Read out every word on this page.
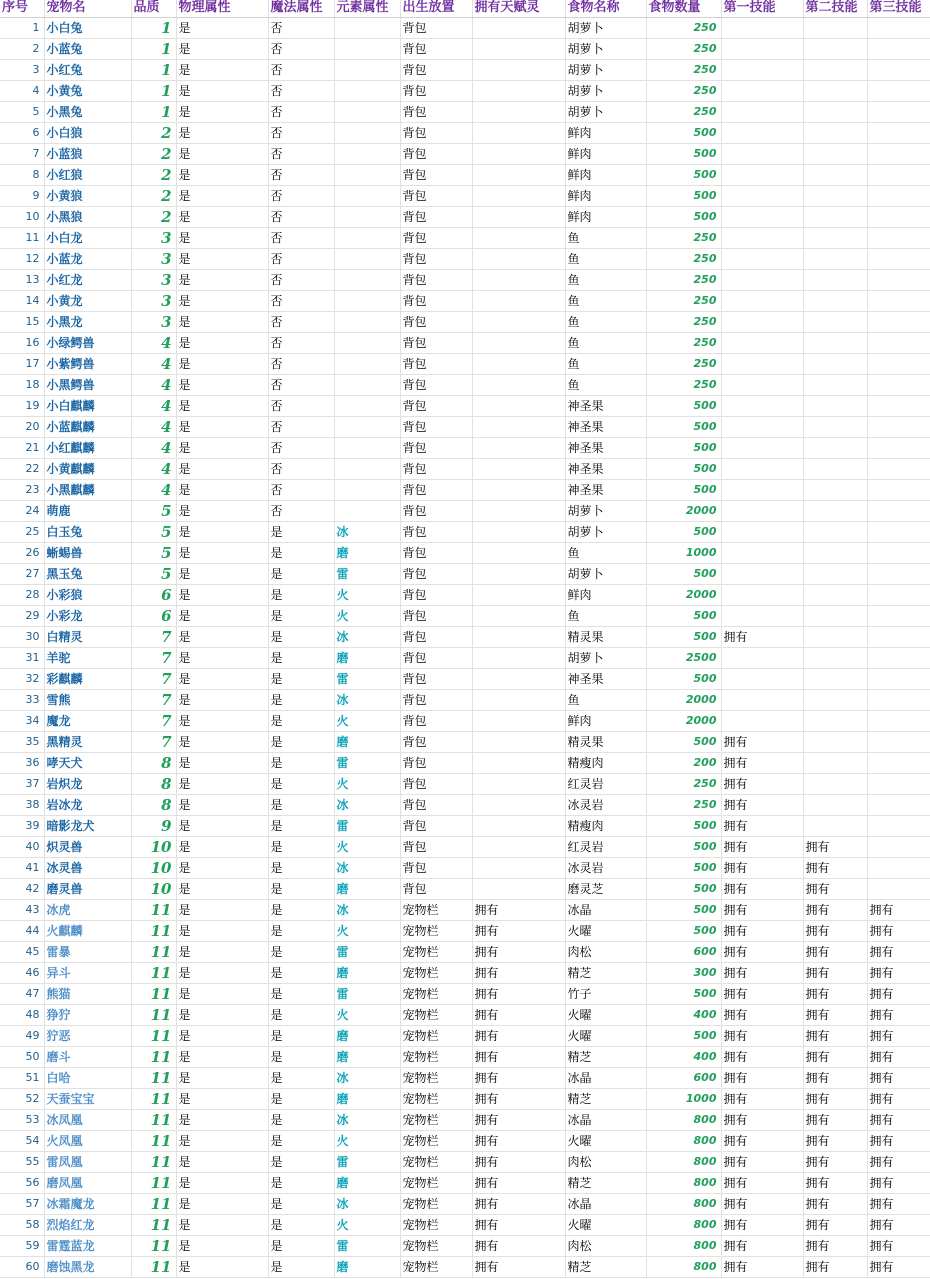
序号	宠物名	品质	物理属性	魔法属性	元素属性	出生放置	拥有天赋灵	食物名称	食物数量	第一技能	第二技能	第三技能
1	小白兔	1	是	否		背包		胡萝卜	250			
2	小蓝兔	1	是	否		背包		胡萝卜	250			
3	小红兔	1	是	否		背包		胡萝卜	250			
4	小黄兔	1	是	否		背包		胡萝卜	250			
5	小黑兔	1	是	否		背包		胡萝卜	250			
6	小白狼	2	是	否		背包		鲜肉	500			
7	小蓝狼	2	是	否		背包		鲜肉	500			
8	小红狼	2	是	否		背包		鲜肉	500			
9	小黄狼	2	是	否		背包		鲜肉	500			
10	小黑狼	2	是	否		背包		鲜肉	500			
11	小白龙	3	是	否		背包		鱼	250			
12	小蓝龙	3	是	否		背包		鱼	250			
13	小红龙	3	是	否		背包		鱼	250			
14	小黄龙	3	是	否		背包		鱼	250			
15	小黑龙	3	是	否		背包		鱼	250			
16	小绿鳄兽	4	是	否		背包		鱼	250			
17	小紫鳄兽	4	是	否		背包		鱼	250			
18	小黑鳄兽	4	是	否		背包		鱼	250			
19	小白麒麟	4	是	否		背包		神圣果	500			
20	小蓝麒麟	4	是	否		背包		神圣果	500			
21	小红麒麟	4	是	否		背包		神圣果	500			
22	小黄麒麟	4	是	否		背包		神圣果	500			
23	小黑麒麟	4	是	否		背包		神圣果	500			
24	萌鹿	5	是	否		背包		胡萝卜	2000			
25	白玉兔	5	是	是	冰	背包		胡萝卜	500			
26	蜥蜴兽	5	是	是	磨	背包		鱼	1000			
27	黑玉兔	5	是	是	雷	背包		胡萝卜	500			
28	小彩狼	6	是	是	火	背包		鲜肉	2000			
29	小彩龙	6	是	是	火	背包		鱼	500			
30	白精灵	7	是	是	冰	背包		精灵果	500	拥有		
31	羊驼	7	是	是	磨	背包		胡萝卜	2500			
32	彩麒麟	7	是	是	雷	背包		神圣果	500			
33	雪熊	7	是	是	冰	背包		鱼	2000			
34	魔龙	7	是	是	火	背包		鲜肉	2000			
35	黑精灵	7	是	是	磨	背包		精灵果	500	拥有		
36	哮天犬	8	是	是	雷	背包		精瘦肉	200	拥有		
37	岩炽龙	8	是	是	火	背包		红灵岩	250	拥有		
38	岩冰龙	8	是	是	冰	背包		冰灵岩	250	拥有		
39	暗影龙犬	9	是	是	雷	背包		精瘦肉	500	拥有		
40	炽灵兽	10	是	是	火	背包		红灵岩	500	拥有	拥有	
41	冰灵兽	10	是	是	冰	背包		冰灵岩	500	拥有	拥有	
42	磨灵兽	10	是	是	磨	背包		磨灵芝	500	拥有	拥有	
43	冰虎	11	是	是	冰	宠物栏	拥有	冰晶	500	拥有	拥有	拥有
44	火麒麟	11	是	是	火	宠物栏	拥有	火曜	500	拥有	拥有	拥有
45	雷暴	11	是	是	雷	宠物栏	拥有	肉松	600	拥有	拥有	拥有
46	异斗	11	是	是	磨	宠物栏	拥有	精芝	300	拥有	拥有	拥有
47	熊猫	11	是	是	雷	宠物栏	拥有	竹子	500	拥有	拥有	拥有
48	狰狞	11	是	是	火	宠物栏	拥有	火曜	400	拥有	拥有	拥有
49	狞恶	11	是	是	磨	宠物栏	拥有	火曜	500	拥有	拥有	拥有
50	磨斗	11	是	是	磨	宠物栏	拥有	精芝	400	拥有	拥有	拥有
51	白哈	11	是	是	冰	宠物栏	拥有	冰晶	600	拥有	拥有	拥有
52	天蚕宝宝	11	是	是	磨	宠物栏	拥有	精芝	1000	拥有	拥有	拥有
53	冰凤凰	11	是	是	冰	宠物栏	拥有	冰晶	800	拥有	拥有	拥有
54	火凤凰	11	是	是	火	宠物栏	拥有	火曜	800	拥有	拥有	拥有
55	雷凤凰	11	是	是	雷	宠物栏	拥有	肉松	800	拥有	拥有	拥有
56	磨凤凰	11	是	是	磨	宠物栏	拥有	精芝	800	拥有	拥有	拥有
57	冰霜魔龙	11	是	是	冰	宠物栏	拥有	冰晶	800	拥有	拥有	拥有
58	烈焰红龙	11	是	是	火	宠物栏	拥有	火曜	800	拥有	拥有	拥有
59	雷霆蓝龙	11	是	是	雷	宠物栏	拥有	肉松	800	拥有	拥有	拥有
60	磨蚀黑龙	11	是	是	磨	宠物栏	拥有	精芝	800	拥有	拥有	拥有
